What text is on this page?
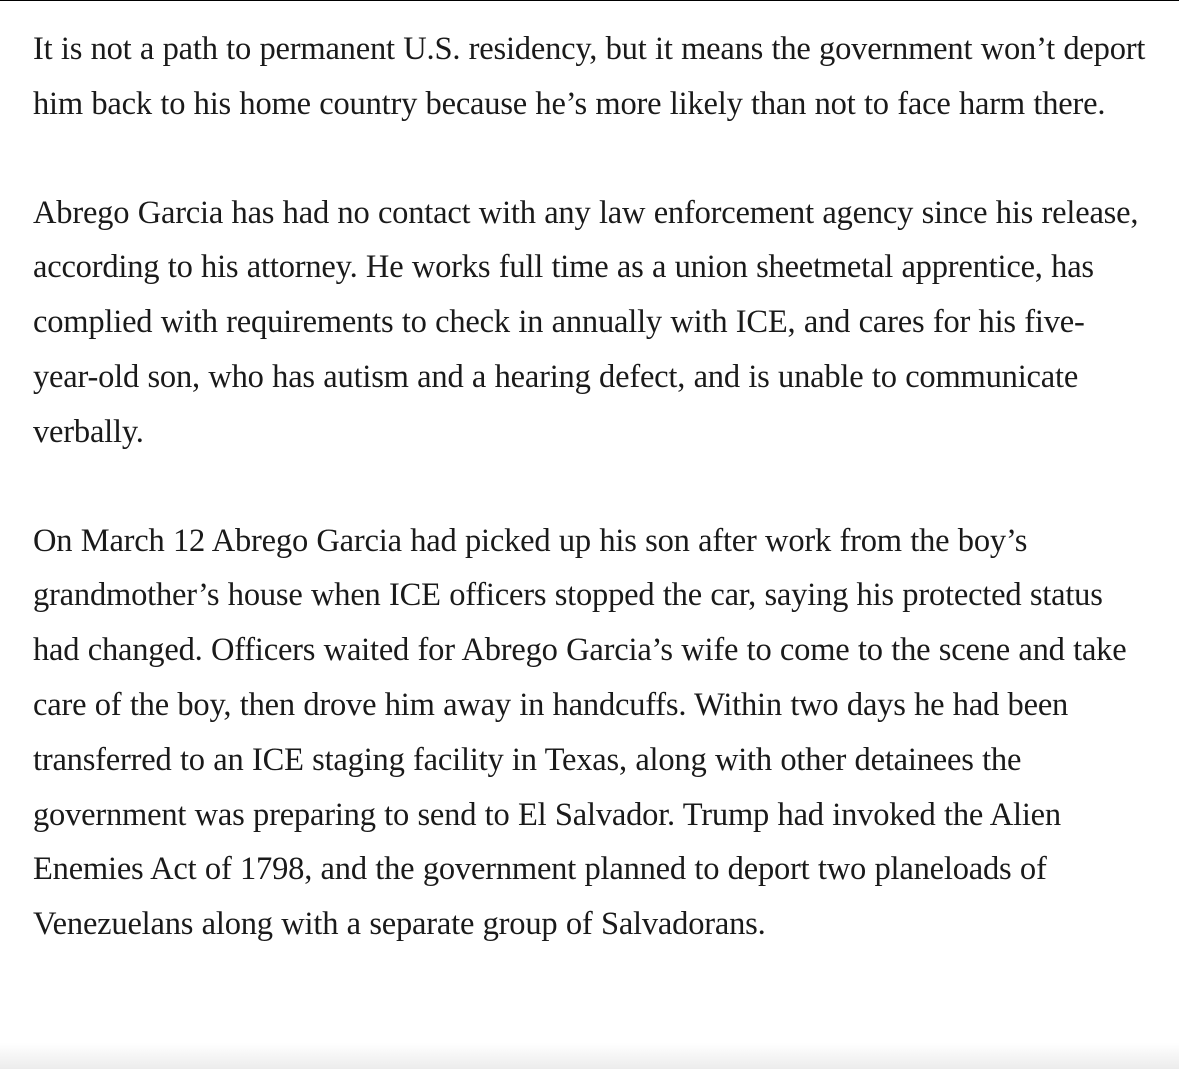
It is not a path to permanent U.S. residency, but it means the government won’t deport him back to his home country because he’s more likely than not to face harm there.

Abrego Garcia has had no contact with any law enforcement agency since his release, according to his attorney. He works full time as a union sheetmetal apprentice, has complied with requirements to check in annually with ICE, and cares for his five-year-old son, who has autism and a hearing defect, and is unable to communicate verbally.

On March 12 Abrego Garcia had picked up his son after work from the boy’s grandmother’s house when ICE officers stopped the car, saying his protected status had changed. Officers waited for Abrego Garcia’s wife to come to the scene and take care of the boy, then drove him away in handcuffs. Within two days he had been transferred to an ICE staging facility in Texas, along with other detainees the government was preparing to send to El Salvador. Trump had invoked the Alien Enemies Act of 1798, and the government planned to deport two planeloads of Venezuelans along with a separate group of Salvadorans.
